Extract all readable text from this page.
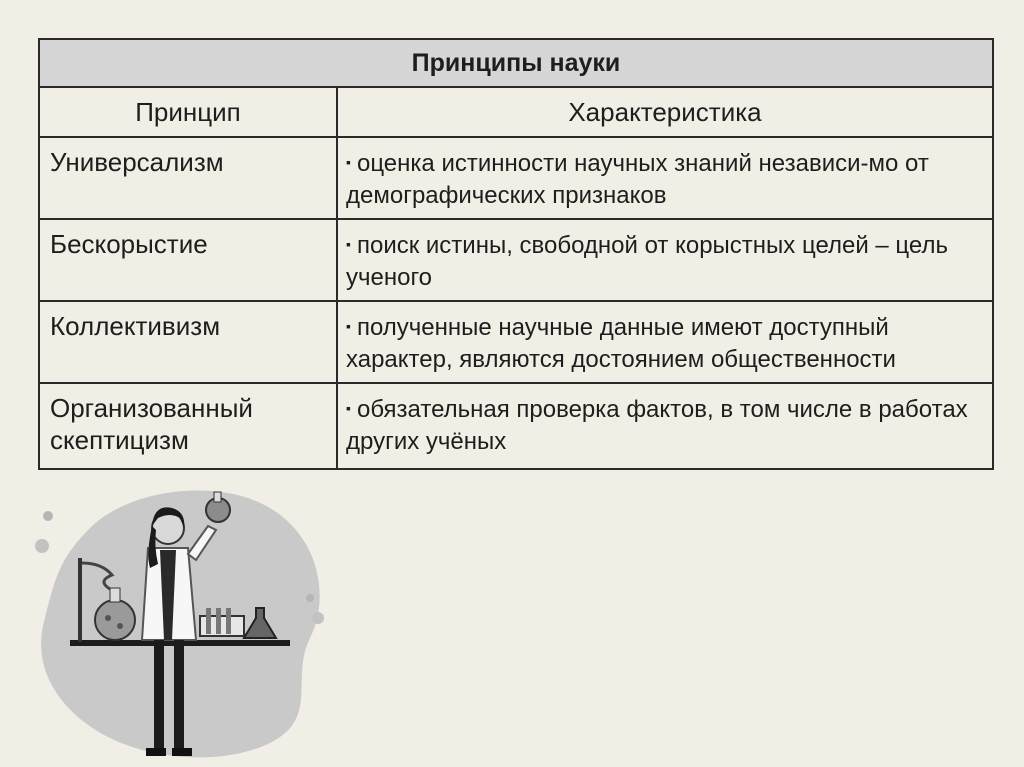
Принципы науки	
Принцип	Характеристика
Универсализм	▪ оценка истинности научных знаний независи-мо от демографических признаков
Бескорыстие	▪ поиск истины, свободной от корыстных целей – цель ученого
Коллективизм	▪ полученные научные данные имеют доступный характер, являются достоянием общественности
Организованный скептицизм	▪ обязательная проверка фактов, в том числе в работах других учёных
